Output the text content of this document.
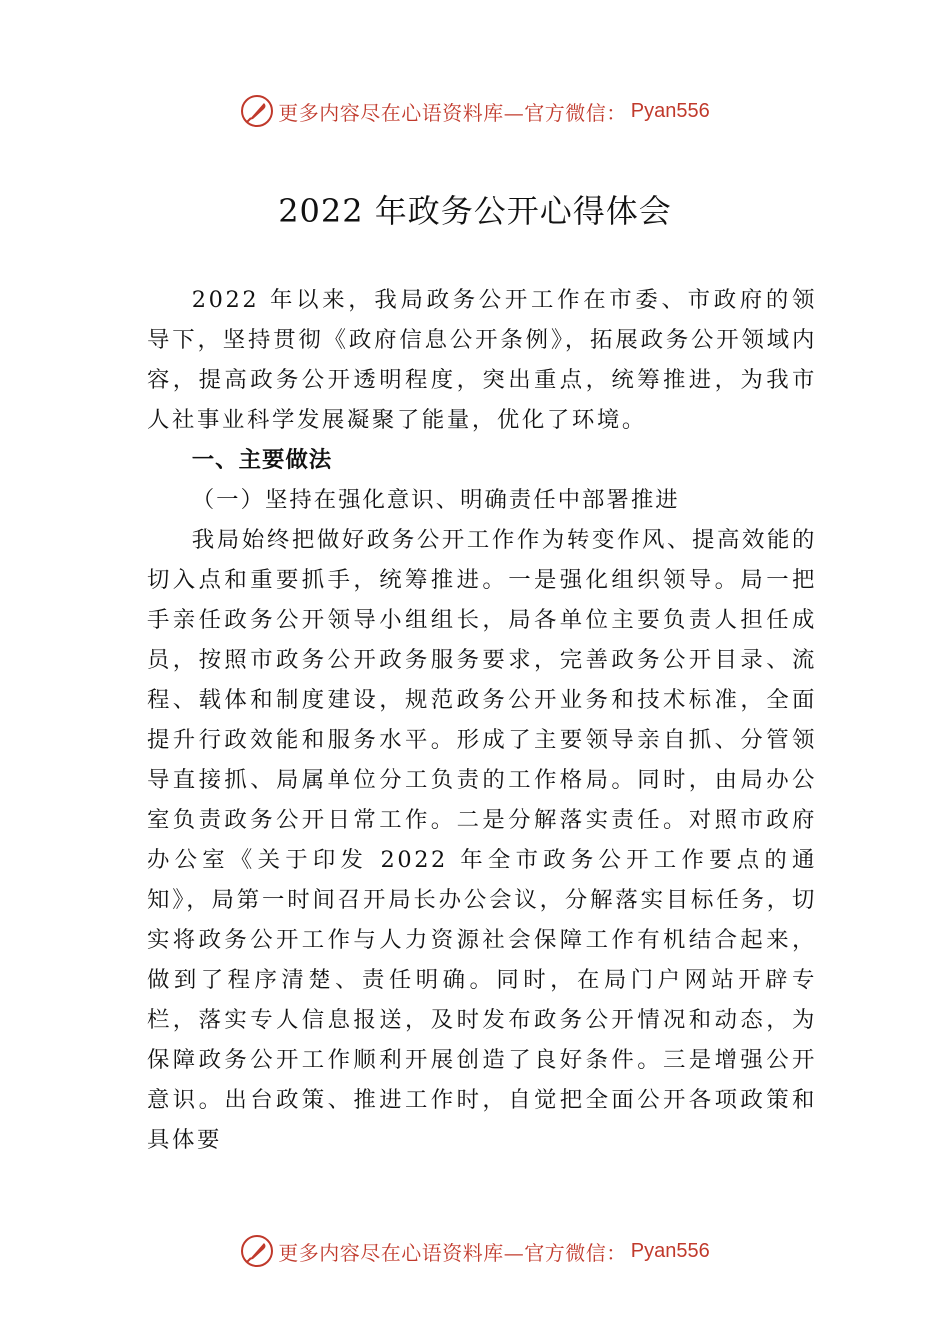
更多内容尽在心语资料库—官方微信： Pyan556
2022 年政务公开心得体会

2022 年以来，我局政务公开工作在市委、市政府的领导下，坚持贯彻《政府信息公开条例》，拓展政务公开领域内容，提高政务公开透明程度，突出重点，统筹推进，为我市人社事业科学发展凝聚了能量，优化了环境。

一、主要做法
（一）坚持在强化意识、明确责任中部署推进

我局始终把做好政务公开工作作为转变作风、提高效能的切入点和重要抓手，统筹推进。一是强化组织领导。局一把手亲任政务公开领导小组组长，局各单位主要负责人担任成员，按照市政务公开政务服务要求，完善政务公开目录、流程、载体和制度建设，规范政务公开业务和技术标准，全面提升行政效能和服务水平。形成了主要领导亲自抓、分管领导直接抓、局属单位分工负责的工作格局。同时，由局办公室负责政务公开日常工作。二是分解落实责任。对照市政府办公室《关于印发 2022 年全市政务公开工作要点的通知》，局第一时间召开局长办公会议，分解落实目标任务，切实将政务公开工作与人力资源社会保障工作有机结合起来，做到了程序清楚、责任明确。同时，在局门户网站开辟专栏，落实专人信息报送，及时发布政务公开情况和动态，为保障政务公开工作顺利开展创造了良好条件。三是增强公开意识。出台政策、推进工作时，自觉把全面公开各项政策和具体要

更多内容尽在心语资料库—官方微信： Pyan556
